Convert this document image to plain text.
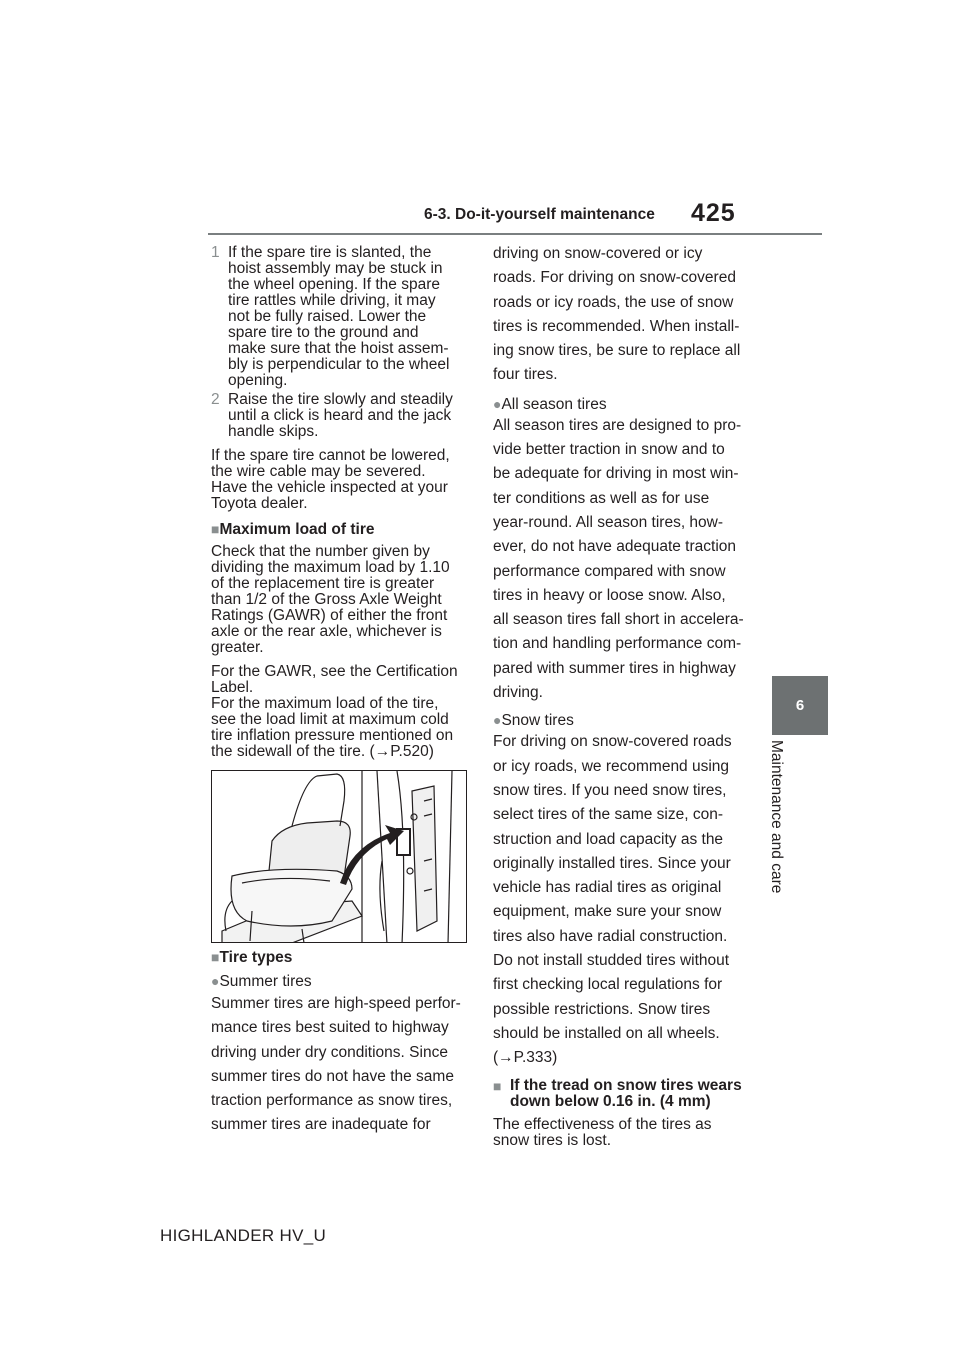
6-3. Do-it-yourself maintenance 425
6
Maintenance and care
1 If the spare tire is slanted, the
hoist assembly may be stuck in
the wheel opening. If the spare
tire rattles while driving, it may
not be fully raised. Lower the
spare tire to the ground and
make sure that the hoist assem-
bly is perpendicular to the wheel
opening.

2 Raise the tire slowly and steadily
until a click is heard and the jack
handle skips.

If the spare tire cannot be lowered,
the wire cable may be severed.
Have the vehicle inspected at your
Toyota dealer.

■Maximum load of tire

Check that the number given by
dividing the maximum load by 1.10
of the replacement tire is greater
than 1/2 of the Gross Axle Weight
Ratings (GAWR) of either the front
axle or the rear axle, whichever is
greater.

For the GAWR, see the Certification
Label.
For the maximum load of the tire,
see the load limit at maximum cold
tire inflation pressure mentioned on
the sidewall of the tire. (→P.520)

■Tire types

●Summer tires

Summer tires are high-speed perfor-
mance tires best suited to highway
driving under dry conditions. Since
summer tires do not have the same
traction performance as snow tires,
summer tires are inadequate for

driving on snow-covered or icy
roads. For driving on snow-covered
roads or icy roads, the use of snow
tires is recommended. When install-
ing snow tires, be sure to replace all
four tires.

●All season tires

All season tires are designed to pro-
vide better traction in snow and to
be adequate for driving in most win-
ter conditions as well as for use
year-round. All season tires, how-
ever, do not have adequate traction
performance compared with snow
tires in heavy or loose snow. Also,
all season tires fall short in accelera-
tion and handling performance com-
pared with summer tires in highway
driving.

●Snow tires

For driving on snow-covered roads
or icy roads, we recommend using
snow tires. If you need snow tires,
select tires of the same size, con-
struction and load capacity as the
originally installed tires. Since your
vehicle has radial tires as original
equipment, make sure your snow
tires also have radial construction.
Do not install studded tires without
first checking local regulations for
possible restrictions. Snow tires
should be installed on all wheels.
(→P.333)

■ If the tread on snow tires wears
down below 0.16 in. (4 mm)

The effectiveness of the tires as
snow tires is lost.

HIGHLANDER HV_U
